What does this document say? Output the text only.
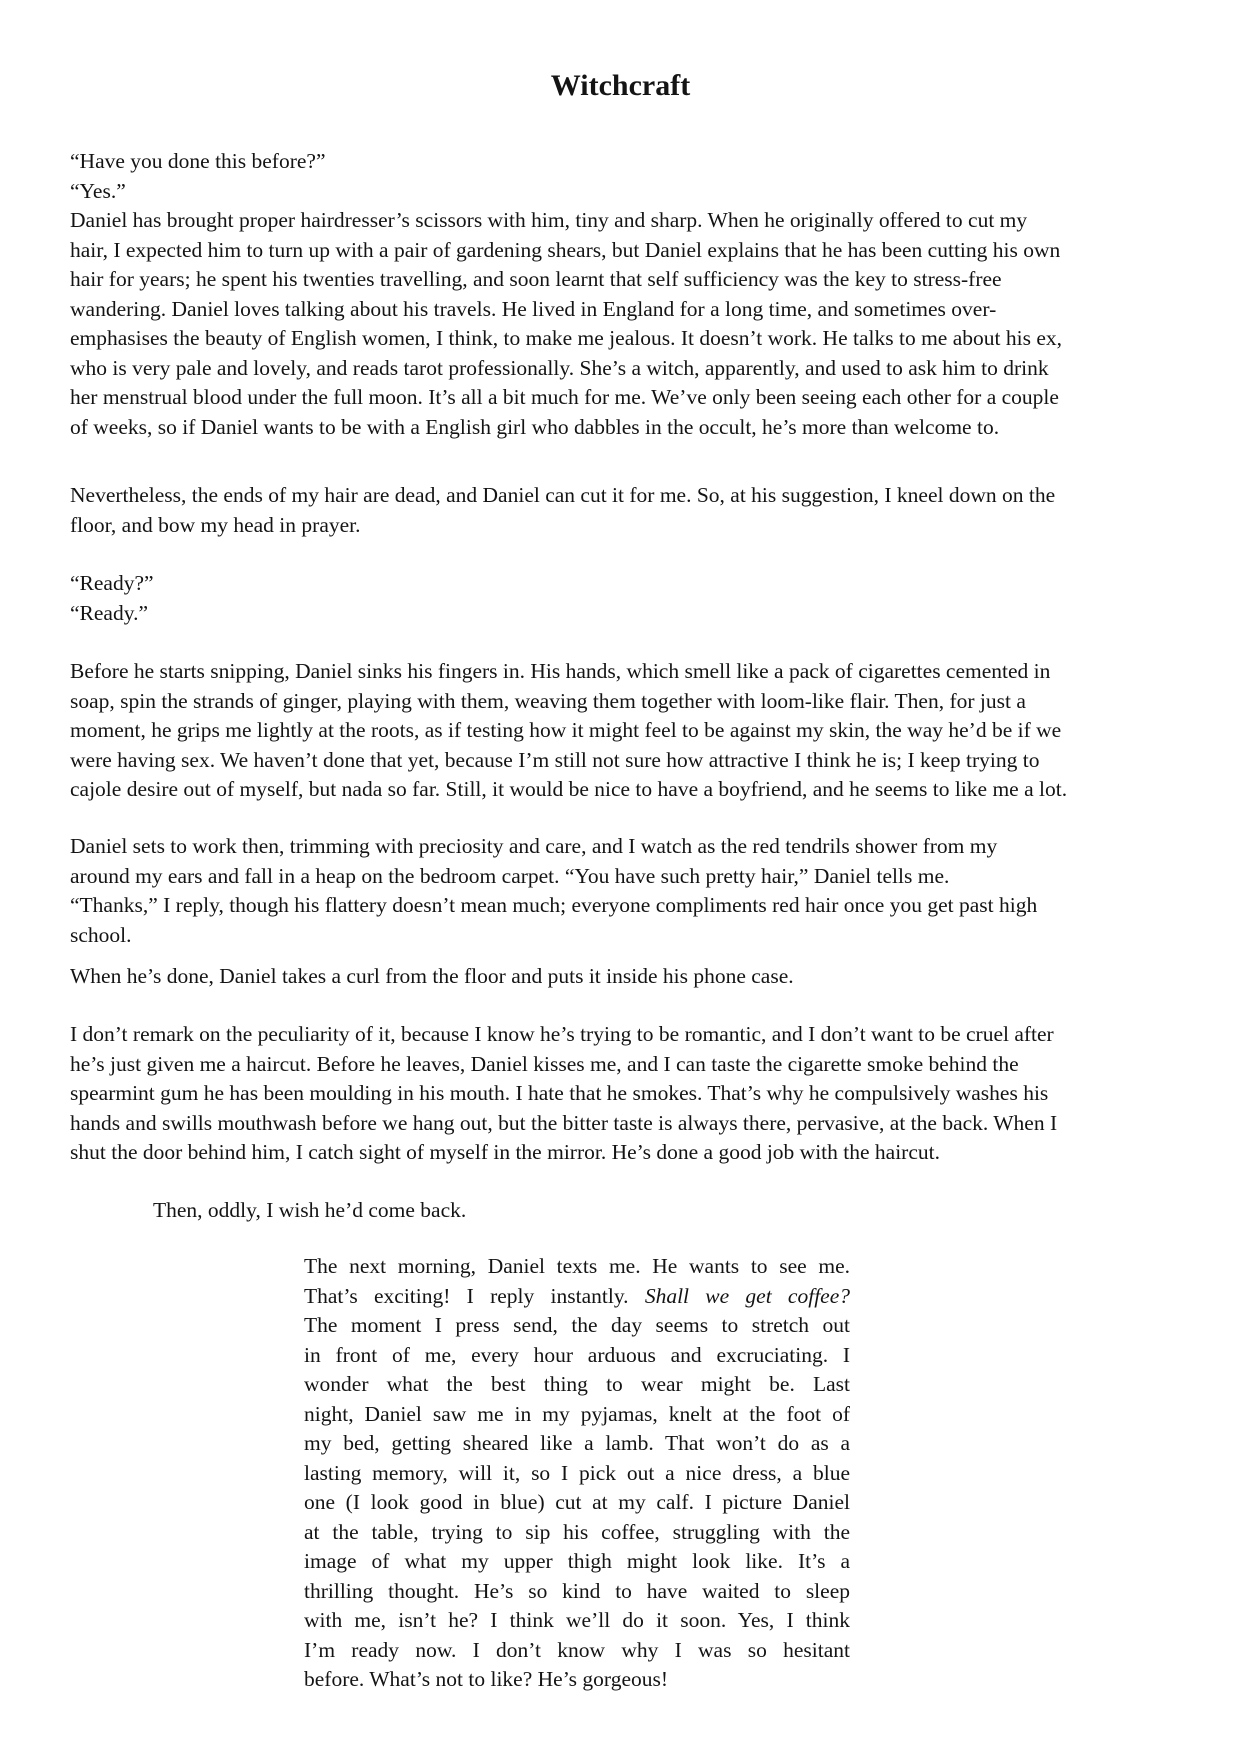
Witchcraft

“Have you done this before?”
“Yes.”
Daniel has brought proper hairdresser’s scissors with him, tiny and sharp. When he originally offered to cut my
hair, I expected him to turn up with a pair of gardening shears, but Daniel explains that he has been cutting his own
hair for years; he spent his twenties travelling, and soon learnt that self sufficiency was the key to stress-free
wandering. Daniel loves talking about his travels. He lived in England for a long time, and sometimes over-
emphasises the beauty of English women, I think, to make me jealous. It doesn’t work. He talks to me about his ex,
who is very pale and lovely, and reads tarot professionally. She’s a witch, apparently, and used to ask him to drink
her menstrual blood under the full moon. It’s all a bit much for me. We’ve only been seeing each other for a couple
of weeks, so if Daniel wants to be with a English girl who dabbles in the occult, he’s more than welcome to.

Nevertheless, the ends of my hair are dead, and Daniel can cut it for me. So, at his suggestion, I kneel down on the
floor, and bow my head in prayer.

“Ready?”
“Ready.”

Before he starts snipping, Daniel sinks his fingers in. His hands, which smell like a pack of cigarettes cemented in
soap, spin the strands of ginger, playing with them, weaving them together with loom-like flair. Then, for just a
moment, he grips me lightly at the roots, as if testing how it might feel to be against my skin, the way he’d be if we
were having sex. We haven’t done that yet, because I’m still not sure how attractive I think he is; I keep trying to
cajole desire out of myself, but nada so far. Still, it would be nice to have a boyfriend, and he seems to like me a lot.

Daniel sets to work then, trimming with preciosity and care, and I watch as the red tendrils shower from my
around my ears and fall in a heap on the bedroom carpet. “You have such pretty hair,” Daniel tells me.
“Thanks,” I reply, though his flattery doesn’t mean much; everyone compliments red hair once you get past high
school.

When he’s done, Daniel takes a curl from the floor and puts it inside his phone case.

I don’t remark on the peculiarity of it, because I know he’s trying to be romantic, and I don’t want to be cruel after
he’s just given me a haircut. Before he leaves, Daniel kisses me, and I can taste the cigarette smoke behind the
spearmint gum he has been moulding in his mouth. I hate that he smokes. That’s why he compulsively washes his
hands and swills mouthwash before we hang out, but the bitter taste is always there, pervasive, at the back. When I
shut the door behind him, I catch sight of myself in the mirror. He’s done a good job with the haircut.

Then, oddly, I wish he’d come back.

The next morning, Daniel texts me. He wants to see me.
That’s exciting! I reply instantly. Shall we get coffee?
The moment I press send, the day seems to stretch out
in front of me, every hour arduous and excruciating. I
wonder what the best thing to wear might be. Last
night, Daniel saw me in my pyjamas, knelt at the foot of
my bed, getting sheared like a lamb. That won’t do as a
lasting memory, will it, so I pick out a nice dress, a blue
one (I look good in blue) cut at my calf. I picture Daniel
at the table, trying to sip his coffee, struggling with the
image of what my upper thigh might look like. It’s a
thrilling thought. He’s so kind to have waited to sleep
with me, isn’t he? I think we’ll do it soon. Yes, I think
I’m ready now. I don’t know why I was so hesitant
before. What’s not to like? He’s gorgeous!
